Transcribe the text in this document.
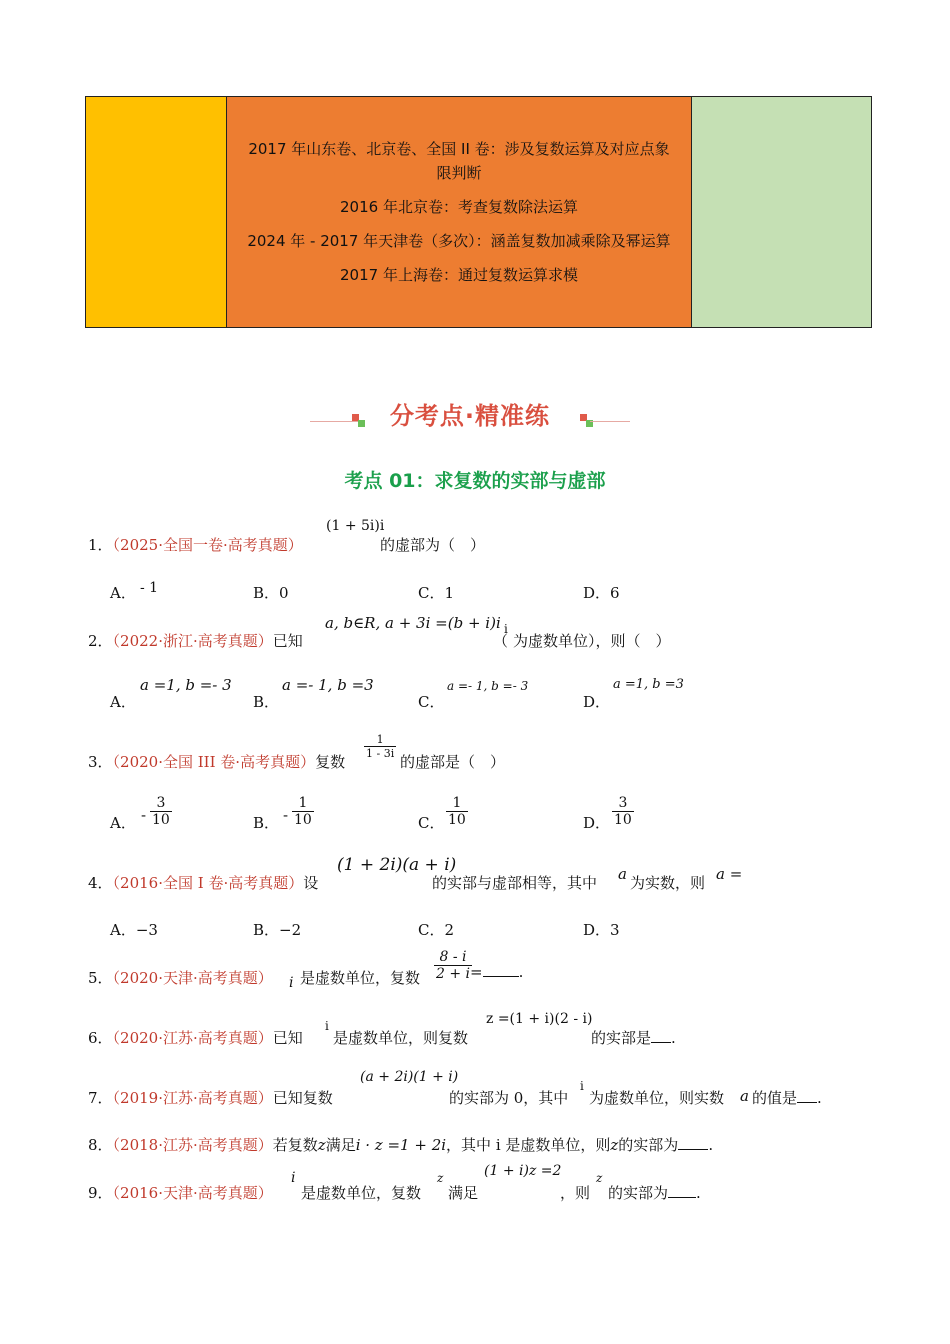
2017 年山东卷、北京卷、全国 II 卷：涉及复数运算及对应点象限判断

2016 年北京卷：考查复数除法运算

2024 年 - 2017 年天津卷（多次）：涵盖复数加减乘除及幂运算

2017 年上海卷：通过复数运算求模

分考点·精准练
考点 01：求复数的实部与虚部
1．（2025·全国一卷·高考真题）
(1 + 5i)i
的虚部为（　）
A． - 1	B．0	C．1	D．6
2．（2022·浙江·高考真题）已知
a, b∈R, a + 3i =(b + i)i
（
i
为虚数单位），则（　）
A．
a =1, b =- 3
B．
a =- 1, b =3
C．
a =- 1, b =- 3
D．
a =1, b =3
3．（2020·全国 III 卷·高考真题）复数
$\frac{1}{1 - 3i}$
的虚部是（　）
A． - $\frac{3}{10}$	B． - $\frac{1}{10}$	C． $\frac{1}{10}$	D． $\frac{3}{10}$
4．（2016·全国 I 卷·高考真题）设
(1 + 2i)(a + i)
的实部与虚部相等，其中 a 为实数，则 a =
A．−3	B．−2	C．2	D．3
5．（2020·天津·高考真题） i 是虚数单位，复数 $\frac{8 - i}{2 + i}$
= .
6．（2020·江苏·高考真题）已知
i
是虚数单位，则复数
z =(1 + i)(2 - i)
的实部是 .
7．（2019·江苏·高考真题）已知复数
(a + 2i)(1 + i)
的实部为 0，其中
i
为虚数单位，则实数 a 的值是 .
8．（2018·江苏·高考真题）若复数z满足i · z =1 + 2i，其中 i 是虚数单位，则z的实部为 .
9．（2016·天津·高考真题）
i
是虚数单位，复数
z
满足
(1 + i)z =2
，则
z
的实部为 .
